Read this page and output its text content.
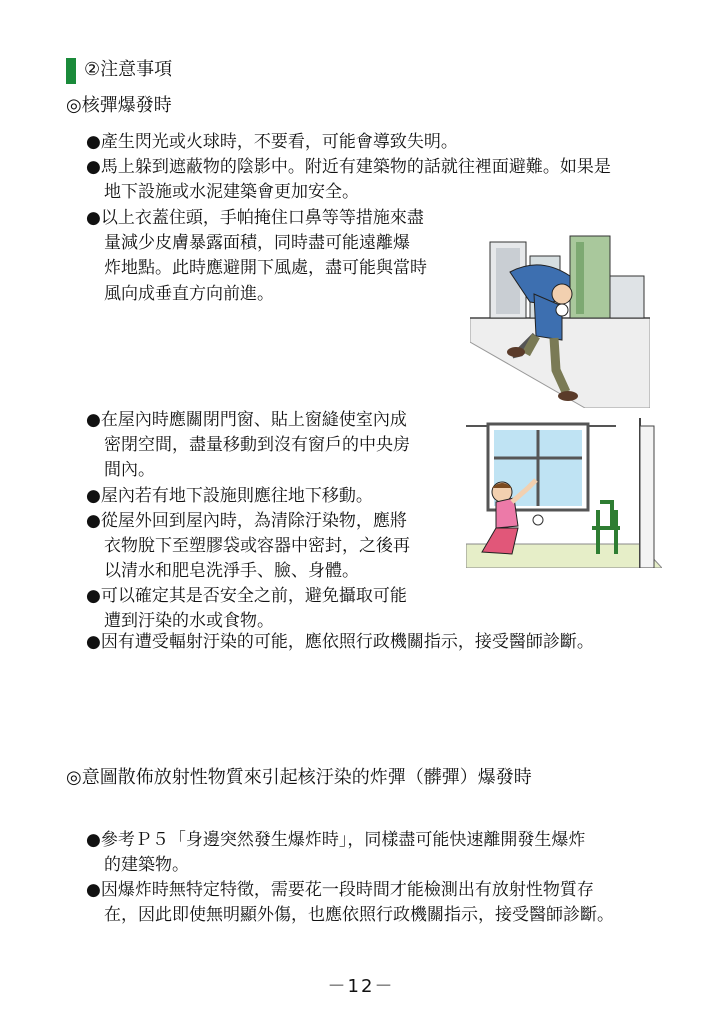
②注意事項
◎核彈爆發時
●產生閃光或火球時，不要看，可能會導致失明。
●馬上躲到遮蔽物的陰影中。附近有建築物的話就往裡面避難。如果是
地下設施或水泥建築會更加安全。
●以上衣蓋住頭，手帕掩住口鼻等等措施來盡
量減少皮膚暴露面積，同時盡可能遠離爆
炸地點。此時應避開下風處，盡可能與當時
風向成垂直方向前進。
●在屋內時應關閉門窗、貼上窗縫使室內成
密閉空間，盡量移動到沒有窗戶的中央房
間內。
●屋內若有地下設施則應往地下移動。
●從屋外回到屋內時，為清除汙染物，應將
衣物脫下至塑膠袋或容器中密封，之後再
以清水和肥皂洗淨手、臉、身體。
●可以確定其是否安全之前，避免攝取可能
遭到汙染的水或食物。
●因有遭受輻射汙染的可能，應依照行政機關指示，接受醫師診斷。
◎意圖散佈放射性物質來引起核汙染的炸彈（髒彈）爆發時
●參考Ｐ５「身邊突然發生爆炸時」，同樣盡可能快速離開發生爆炸
的建築物。
●因爆炸時無特定特徵，需要花一段時間才能檢測出有放射性物質存
在，因此即使無明顯外傷，也應依照行政機關指示，接受醫師診斷。
－12－
